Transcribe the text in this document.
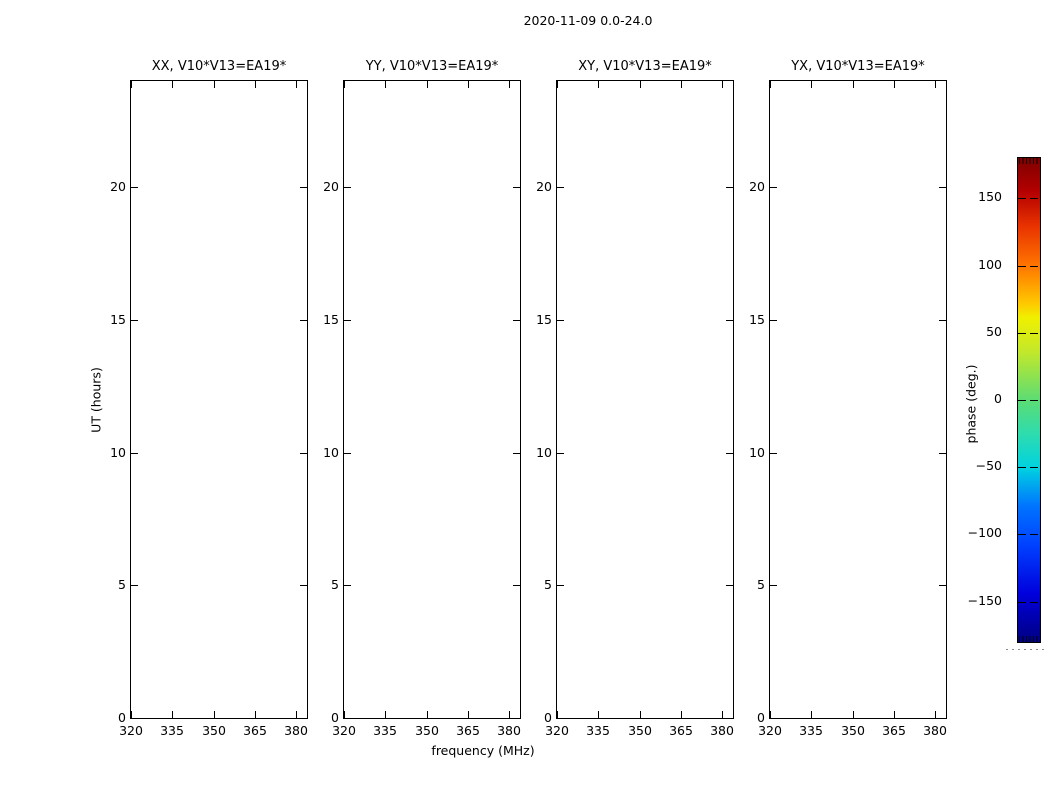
2020-11-09 0.0-24.0
UT (hours)
frequency (MHz)
XX, V10*V13=EA19*
320	335	350	365	380
0
5
10
15
20
YY, V10*V13=EA19*
320	335	350	365	380
0
5
10
15
20
XY, V10*V13=EA19*
320	335	350	365	380
0
5
10
15
20
YX, V10*V13=EA19*
320	335	350	365	380
0
5
10
15
20
phase (deg.)
150
100
50
0
−50
−100
−150
